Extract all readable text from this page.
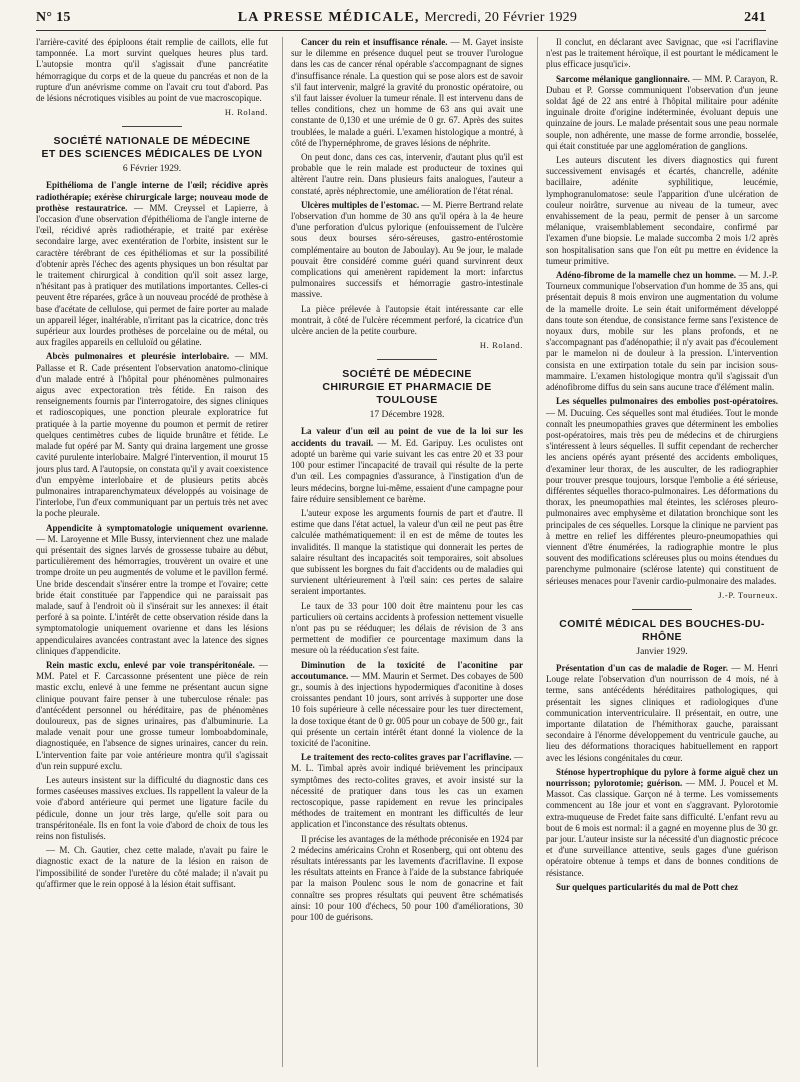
N° 15	LA PRESSE MÉDICALE, Mercredi, 20 Février 1929	241

l'arrière-cavité des épiploons était remplie de caillots, elle fut tamponnée. La mort survint quelques heures plus tard. L'autopsie montra qu'il s'agissait d'une pancréatite hémorragique du corps et de la queue du pancréas et non de la rupture d'un anévrisme comme on l'avait cru tout d'abord. Pas de lésions nécrotiques visibles au point de vue macroscopique.

H. Roland.

SOCIÉTÉ NATIONALE DE MÉDECINE
ET DES SCIENCES MÉDICALES DE LYON
6 Février 1929.

Epithélioma de l'angle interne de l'œil; récidive après radiothérapie; exérèse chirurgicale large; nouveau mode de prothèse restauratrice. — MM. Creyssel et Lapierre, à l'occasion d'une observation d'épithélioma de l'angle interne de l'œil, récidivé après radiothérapie, et traité par exérèse secondaire large, avec exentération de l'orbite, insistent sur le caractère térébrant de ces épithéliomas et sur la possibilité d'obtenir après l'échec des agents physiques un bon résultat par le traitement chirurgical à condition qu'il soit assez large, n'hésitant pas à pratiquer des mutilations importantes. Celles-ci peuvent être réparées, grâce à un nouveau procédé de prothèse à base d'acétate de cellulose, qui permet de faire porter au malade un appareil léger, inaltérable, n'irritant pas la cicatrice, donc très supérieur aux lourdes prothèses de porcelaine ou de métal, ou aux fragiles appareils en celluloïd ou gélatine.

Abcès pulmonaires et pleurésie interlobaire. — MM. Pallasse et R. Cade présentent l'observation anatomo-clinique d'un malade entré à l'hôpital pour phénomènes pulmonaires aigus avec expectoration très fétide. En raison des renseignements fournis par l'interrogatoire, des signes cliniques et radioscopiques, une ponction pleurale exploratrice fut pratiquée à la partie moyenne du poumon et permit de retirer quelques centimètres cubes de liquide brunâtre et fétide. Le malade fut opéré par M. Santy qui draina largement une grosse cavité purulente interlobaire. Malgré l'intervention, il mourut 15 jours plus tard. A l'autopsie, on constata qu'il y avait coexistence d'un empyème interlobaire et de plusieurs petits abcès pulmonaires intraparenchymateux développés au voisinage de l'interlobe, l'un d'eux communiquant par un pertuis très net avec la poche pleurale.

Appendicite à symptomatologie uniquement ovarienne. — M. Laroyenne et Mlle Bussy, interviennent chez une malade qui présentait des signes larvés de grossesse tubaire au début, particulièrement des hémorragies, trouvèrent un ovaire et une trompe droite un peu augmentés de volume et le pavillon fermé. Une bride descendait s'insérer entre la trompe et l'ovaire; cette bride était constituée par l'appendice qui ne paraissait pas malade, sauf à l'endroit où il s'insérait sur les annexes: il était perforé à sa pointe. L'intérêt de cette observation réside dans la symptomatologie uniquement ovarienne et dans les lésions appendiculaires avancées contrastant avec la latence des signes cliniques d'appendicite.

Rein mastic exclu, enlevé par voie transpéritonéale. — MM. Patel et F. Carcassonne présentent une pièce de rein mastic exclu, enlevé à une femme ne présentant aucun signe clinique pouvant faire penser à une tuberculose rénale: pas d'antécédent personnel ou héréditaire, pas de phénomènes douloureux, pas de signes urinaires, pas d'albuminurie. La malade venait pour une grosse tumeur lomboabdominale, diagnostiquée, en l'absence de signes urinaires, cancer du rein. L'intervention faite par voie antérieure montra qu'il s'agissait d'un rein suppuré exclu.

Les auteurs insistent sur la difficulté du diagnostic dans ces formes caséeuses massives exclues. Ils rappellent la valeur de la voie d'abord antérieure qui permet une ligature facile du pédicule, donne un jour très large, qu'elle soit para ou transpéritonéale. Ils en font la voie d'abord de choix de tous les reins non fistulisés.

— M. Ch. Gautier, chez cette malade, n'avait pu faire le diagnostic exact de la nature de la lésion en raison de l'impossibilité de sonder l'uretère du côté malade; il n'avait pu qu'affirmer que le rein opposé à la lésion était suffisant.

Cancer du rein et insuffisance rénale. — M. Gayet insiste sur le dilemme en présence duquel peut se trouver l'urologue dans les cas de cancer rénal opérable s'accompagnant de signes d'insuffisance rénale. La question qui se pose alors est de savoir s'il faut intervenir, malgré la gravité du pronostic opératoire, ou s'il faut laisser évoluer la tumeur rénale. Il est intervenu dans de telles conditions, chez un homme de 63 ans qui avait une constante de 0,130 et une urémie de 0 gr. 67. Après des suites troublées, le malade a guéri. L'examen histologique a montré, à côté de l'hypernéphrome, de graves lésions de néphrite.

On peut donc, dans ces cas, intervenir, d'autant plus qu'il est probable que le rein malade est producteur de toxines qui altèrent l'autre rein. Dans plusieurs faits analogues, l'auteur a constaté, après néphrectomie, une amélioration de l'état rénal.

Ulcères multiples de l'estomac. — M. Pierre Bertrand relate l'observation d'un homme de 30 ans qu'il opéra à la 4e heure d'une perforation d'ulcus pylorique (enfouissement de l'ulcère sous deux bourses séro-séreuses, gastro-entérostomie complémentaire au bouton de Jaboulay). Au 9e jour, le malade pouvait être considéré comme guéri quand survinrent deux complications qui amenèrent rapidement la mort: infarctus pulmonaires successifs et hémorragie gastro-intestinale massive.

La pièce prélevée à l'autopsie était intéressante car elle montrait, à côté de l'ulcère récemment perforé, la cicatrice d'un ulcère ancien de la petite courbure.

H. Roland.

SOCIÉTÉ DE MÉDECINE
CHIRURGIE ET PHARMACIE DE TOULOUSE
17 Décembre 1928.

La valeur d'un œil au point de vue de la loi sur les accidents du travail. — M. Ed. Garipuy. Les oculistes ont adopté un barème qui varie suivant les cas entre 20 et 33 pour 100 pour estimer l'incapacité de travail qui résulte de la perte d'un œil. Les compagnies d'assurance, à l'instigation d'un de leurs médecins, borgne lui-même, essaient d'une campagne pour faire réduire sensiblement ce barème.

L'auteur expose les arguments fournis de part et d'autre. Il estime que dans l'état actuel, la valeur d'un œil ne peut pas être calculée mathématiquement: il en est de même de toutes les invalidités. Il manque la statistique qui donnerait les pertes de salaire résultant des incapacités soit temporaires, soit absolues que subissent les borgnes du fait d'accidents ou de maladies qui survienent ultérieurement à l'œil sain: ces pertes de salaire seraient importantes.

Le taux de 33 pour 100 doit être maintenu pour les cas particuliers où certains accidents à profession nettement visuelle n'ont pas pu se rééduquer; les délais de révision de 3 ans permettent de modifier ce pourcentage maximum dans la mesure où la rééducation s'est faite.

Diminution de la toxicité de l'aconitine par accoutumance. — MM. Maurin et Sermet. Des cobayes de 500 gr., soumis à des injections hypodermiques d'aconitine à doses croissantes pendant 10 jours, sont arrivés à supporter une dose 10 fois supérieure à celle nécessaire pour les tuer directement, la dose toxique étant de 0 gr. 005 pour un cobaye de 500 gr., fait qui présente un certain intérêt étant donné la violence de la toxicité de l'aconitine.

Le traitement des recto-colites graves par l'acriflavine. — M. L. Timbal après avoir indiqué brièvement les principaux symptômes des recto-colites graves, et avoir insisté sur la nécessité de pratiquer dans tous les cas un examen rectoscopique, passe rapidement en revue les principales méthodes de traitement en montrant les difficultés de leur application et l'inconstance des résultats obtenus.

Il précise les avantages de la méthode préconisée en 1924 par 2 médecins américains Crohn et Rosenberg, qui ont obtenu des résultats intéressants par les lavements d'acriflavine. Il expose les résultats atteints en France à l'aide de la substance fabriquée par la maison Poulenc sous le nom de gonacrine et fait connaître ses propres résultats qui peuvent être schématisés ainsi: 10 pour 100 d'échecs, 50 pour 100 d'améliorations, 30 pour 100 de guérisons.

Il conclut, en déclarant avec Savignac, que «si l'acriflavine n'est pas le traitement héroïque, il est pourtant le médicament le plus efficace jusqu'ici».

Sarcome mélanique ganglionnaire. — MM. P. Carayon, R. Dubau et P. Gorsse communiquent l'observation d'un jeune soldat âgé de 22 ans entré à l'hôpital militaire pour adénite inguinale droite d'origine indéterminée, évoluant depuis une quinzaine de jours. Le malade présentait sous une peau normale souple, non adhérente, une masse de forme arrondie, bosselée, qui était constituée par une agglomération de ganglions.

Les auteurs discutent les divers diagnostics qui furent successivement envisagés et écartés, chancrelle, adénite bacillaire, adénite syphilitique, leucémie, lymphogranulomatose: seule l'apparition d'une ulcération de couleur noirâtre, survenue au niveau de la tumeur, avec envahissement de la peau, permit de penser à un sarcome mélanique, vraisemblablement secondaire, confirmé par l'examen d'une biopsie. Le malade succomba 2 mois 1/2 après son hospitalisation sans que l'on eût pu mettre en évidence la tumeur primitive.

Adéno-fibrome de la mamelle chez un homme. — M. J.-P. Tourneux communique l'observation d'un homme de 35 ans, qui présentait depuis 8 mois environ une augmentation du volume de la mamelle droite. Le sein était uniformément développé dans toute son étendue, de consistance ferme sans l'existence de noyaux durs, mobile sur les plans profonds, et ne s'accompagnant pas d'adénopathie; il n'y avait pas d'écoulement par le mamelon ni de douleur à la pression. L'intervention consista en une extirpation totale du sein par incision sous-mammaire. L'examen histologique montra qu'il s'agissait d'un adénofibrome diffus du sein sans aucune trace d'élément malin.

Les séquelles pulmonaires des embolies post-opératoires. — M. Ducuing. Ces séquelles sont mal étudiées. Tout le monde connaît les pneumopathies graves que déterminent les embolies post-opératoires, mais très peu de médecins et de chirurgiens s'intéressent à leurs séquelles. Il suffit cependant de rechercher les anciens opérés ayant présenté des accidents emboliques, d'examiner leur thorax, de les ausculter, de les radiographier pour trouver presque toujours, lorsque l'embolie a été sérieuse, différentes séquelles thoraco-pulmonaires. Les déformations du thorax, les pneumopathies mal éteintes, les scléroses pleuro-pulmonaires avec emphysème et dilatation bronchique sont les principales de ces séquelles. Lorsque la clinique ne parvient pas à mettre en relief les différentes pleuro-pneumopathies qui viennent d'être énumérées, la radiographie montre le plus souvent des modifications scléreuses plus ou moins étendues du parenchyme pulmonaire (sclérose latente) qui constituent de sérieuses menaces pour l'avenir cardio-pulmonaire des malades.

J.-P. Tourneux.

COMITÉ MÉDICAL DES BOUCHES-DU-RHÔNE
Janvier 1929.

Présentation d'un cas de maladie de Roger. — M. Henri Louge relate l'observation d'un nourrisson de 4 mois, né à terme, sans antécédents héréditaires pathologiques, qui présentait les signes cliniques et radiologiques d'une communication interventriculaire. Il présentait, en outre, une importante dilatation de l'hémithorax gauche, paraissant secondaire à l'énorme développement du ventricule gauche, au lieu des déformations thoraciques habituellement en rapport avec les lésions congénitales du cœur.

Sténose hypertrophique du pylore à forme aiguë chez un nourrisson; pylorotomie; guérison. — MM. J. Poucel et M. Massot. Cas classique. Garçon né à terme. Les vomissements commencent au 18e jour et vont en s'aggravant. Pylorotomie extra-muqueuse de Fredet faite sans difficulté. L'enfant revu au bout de 6 mois est normal: il a gagné en moyenne plus de 30 gr. par jour. L'auteur insiste sur la nécessité d'un diagnostic précoce et d'une surveillance attentive, seuls gages d'une guérison opératoire obtenue à temps et dans de bonnes conditions de résistance.

Sur quelques particularités du mal de Pott chez
